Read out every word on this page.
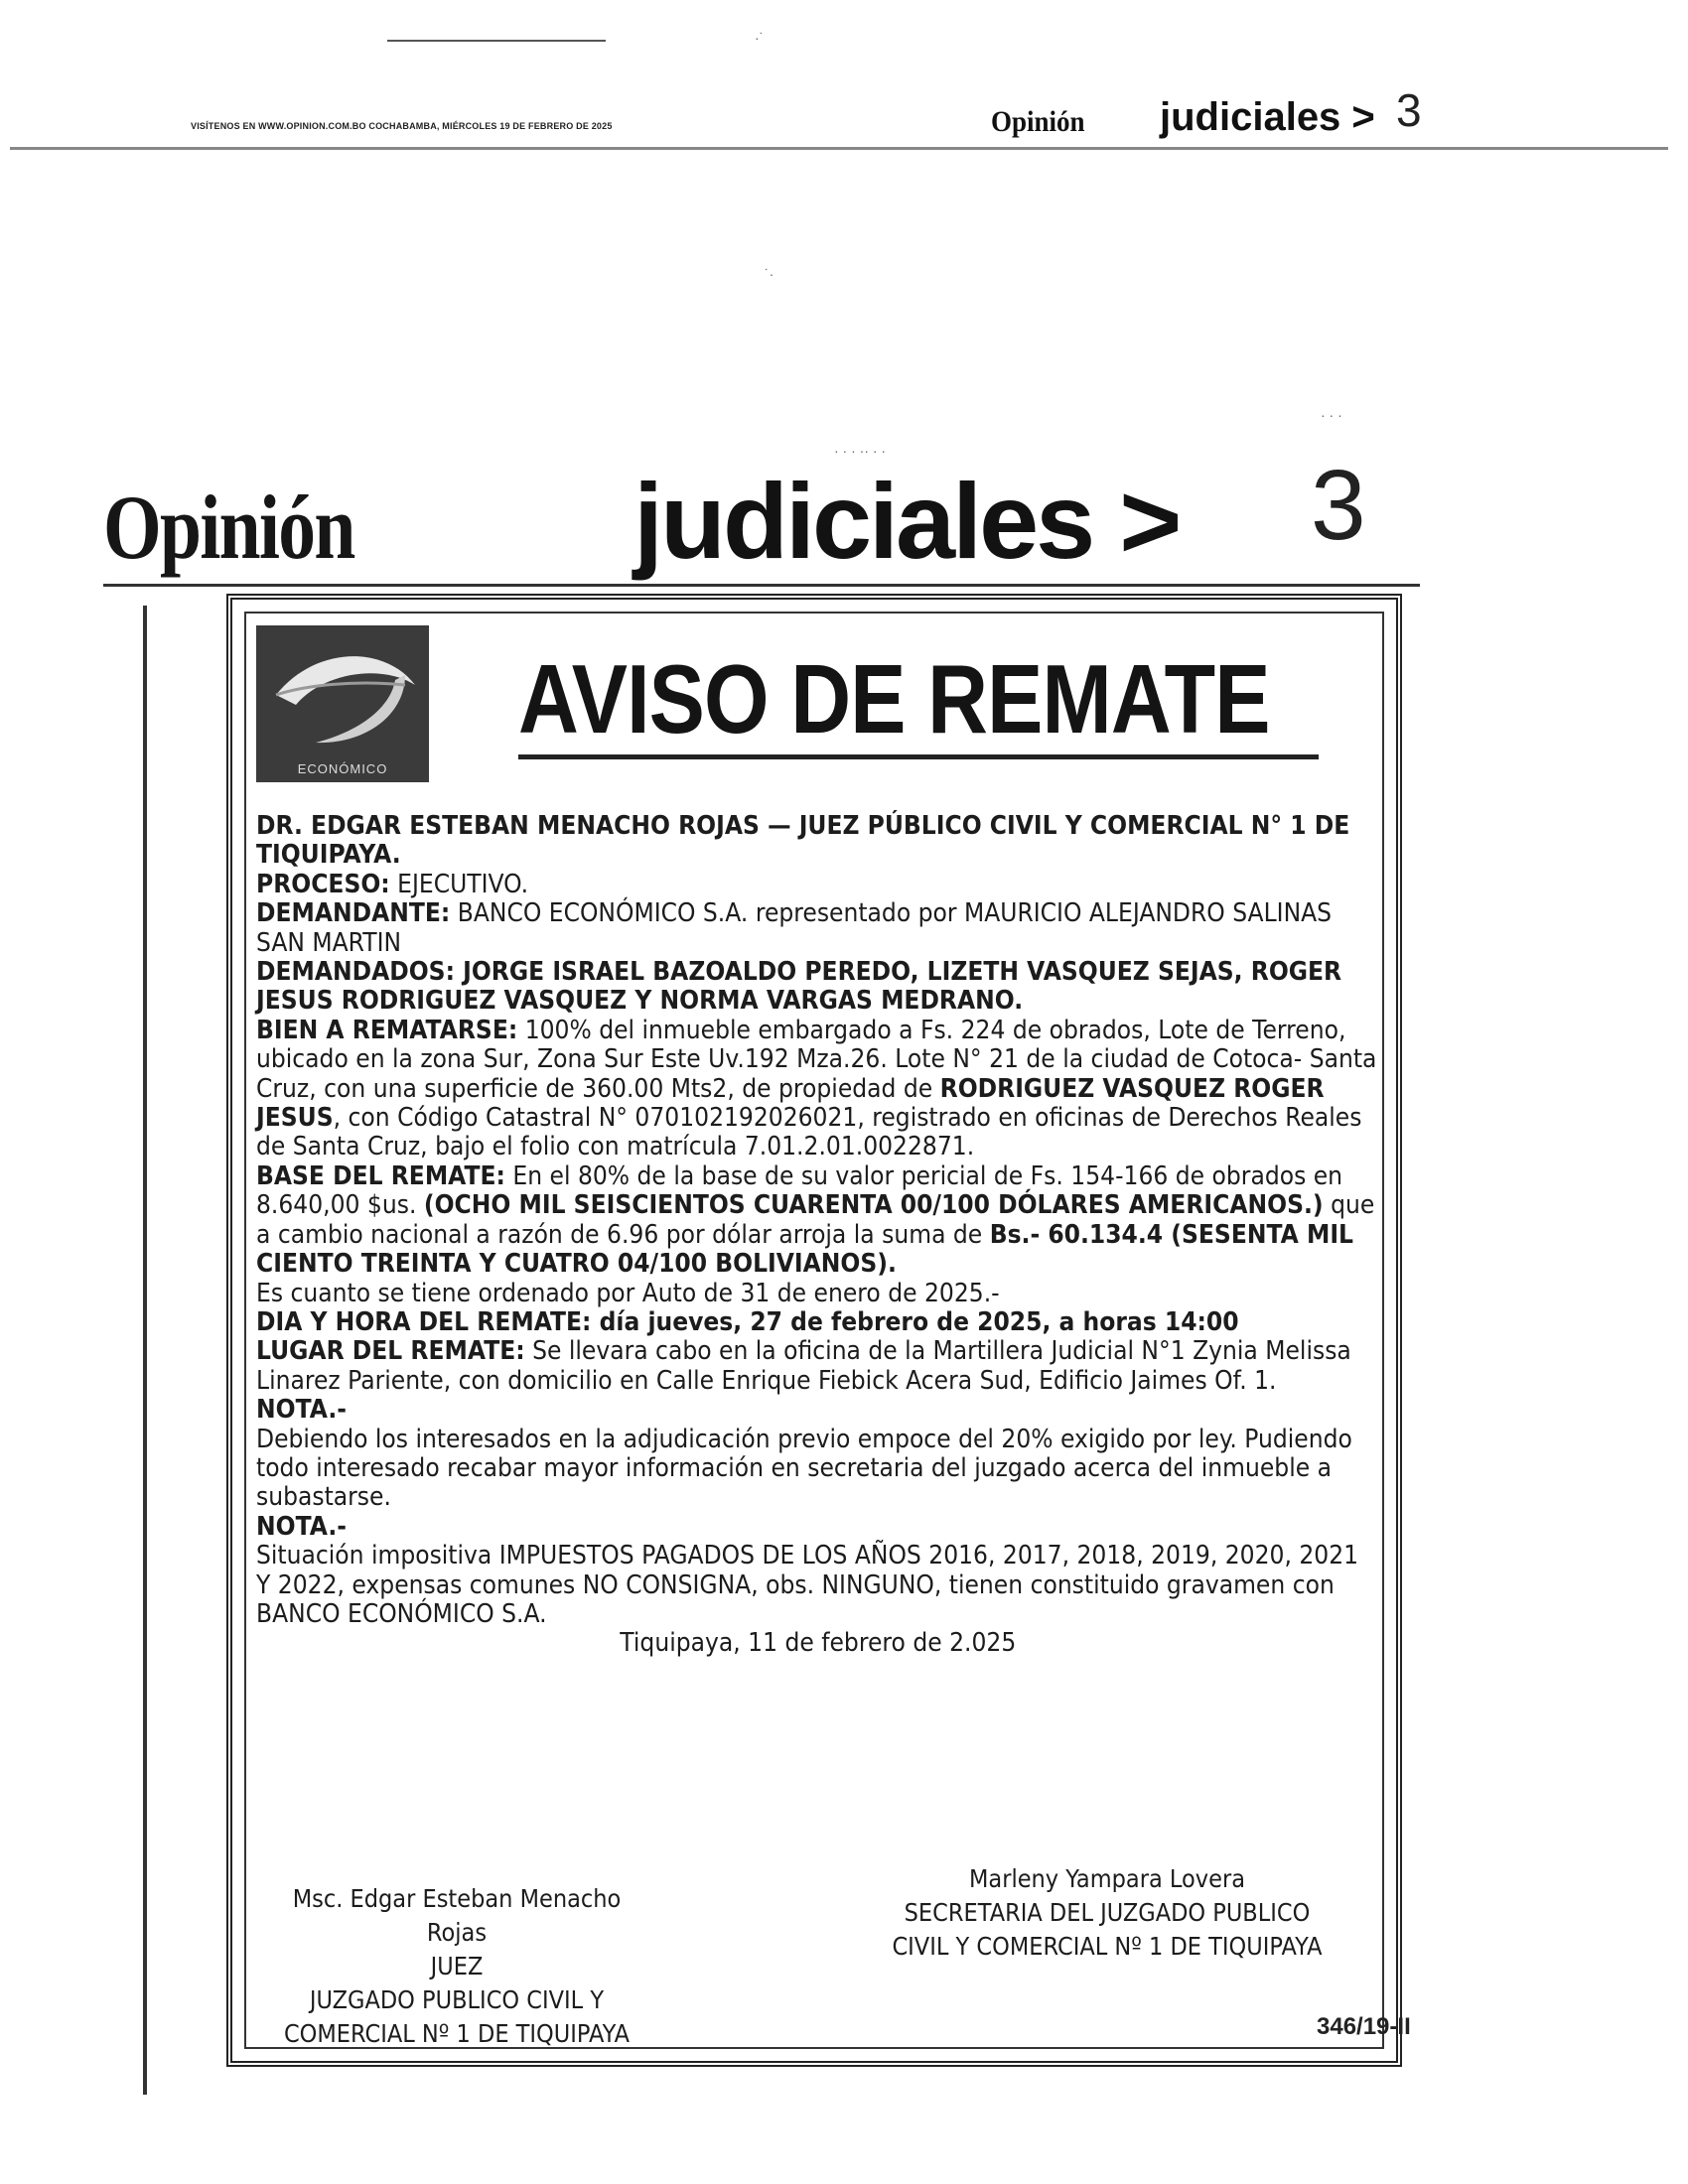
VISÍTENOS EN WWW.OPINION.COM.BO COCHABAMBA, MIÉRCOLES 19 DE FEBRERO DE 2025	Opinión judiciales > 3
·˙
˙·
· · ·
· · · ·· · ·
Opinión	judiciales > 3
ECONÓMICO
AVISO DE REMATE

DR. EDGAR ESTEBAN MENACHO ROJAS — JUEZ PÚBLICO CIVIL Y COMERCIAL N° 1 DE TIQUIPAYA.

PROCESO: EJECUTIVO.

DEMANDANTE: BANCO ECONÓMICO S.A. representado por MAURICIO ALEJANDRO SALINAS SAN MARTIN

DEMANDADOS: JORGE ISRAEL BAZOALDO PEREDO, LIZETH VASQUEZ SEJAS, ROGER JESUS RODRIGUEZ VASQUEZ Y NORMA VARGAS MEDRANO.

BIEN A REMATARSE: 100% del inmueble embargado a Fs. 224 de obrados, Lote de Terreno, ubicado en la zona Sur, Zona Sur Este Uv.192 Mza.26. Lote N° 21 de la ciudad de Cotoca- Santa Cruz, con una superficie de 360.00 Mts2, de propiedad de RODRIGUEZ VASQUEZ ROGER JESUS, con Código Catastral N° 070102192026021, registrado en oficinas de Derechos Reales de Santa Cruz, bajo el folio con matrícula 7.01.2.01.0022871.

BASE DEL REMATE: En el 80% de la base de su valor pericial de Fs. 154-166 de obrados en 8.640,00 $us. (OCHO MIL SEISCIENTOS CUARENTA 00/100 DÓLARES AMERICANOS.) que a cambio nacional a razón de 6.96 por dólar arroja la suma de Bs.- 60.134.4 (SESENTA MIL CIENTO TREINTA Y CUATRO 04/100 BOLIVIANOS).

Es cuanto se tiene ordenado por Auto de 31 de enero de 2025.-

DIA Y HORA DEL REMATE: día jueves, 27 de febrero de 2025, a horas 14:00

LUGAR DEL REMATE: Se llevara cabo en la oficina de la Martillera Judicial N°1 Zynia Melissa Linarez Pariente, con domicilio en Calle Enrique Fiebick Acera Sud, Edificio Jaimes Of. 1.

NOTA.-

Debiendo los interesados en la adjudicación previo empoce del 20% exigido por ley. Pudiendo todo interesado recabar mayor información en secretaria del juzgado acerca del inmueble a subastarse.

NOTA.-

Situación impositiva IMPUESTOS PAGADOS DE LOS AÑOS 2016, 2017, 2018, 2019, 2020, 2021 Y 2022, expensas comunes NO CONSIGNA, obs. NINGUNO, tienen constituido gravamen con BANCO ECONÓMICO S.A.

Tiquipaya, 11 de febrero de 2.025

Msc. Edgar Esteban Menacho Rojas
JUEZ
JUZGADO PUBLICO CIVIL Y
COMERCIAL Nº 1 DE TIQUIPAYA
Marleny Yampara Lovera
SECRETARIA DEL JUZGADO PUBLICO
CIVIL Y COMERCIAL Nº 1 DE TIQUIPAYA
346/19-II
